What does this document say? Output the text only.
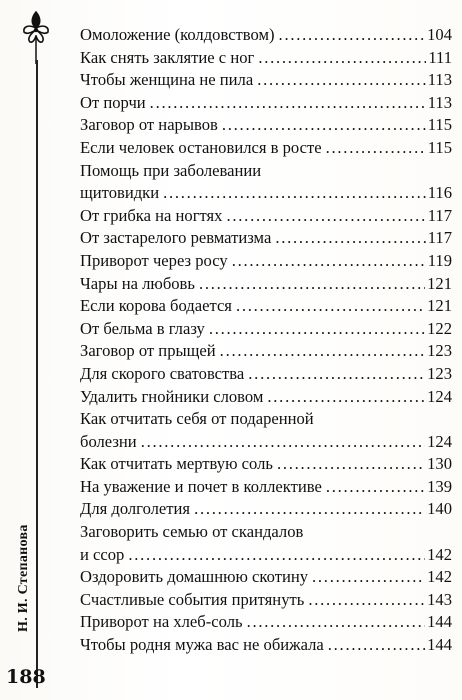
Н. И. Степанова
188
Омоложение (колдовством) . . .	104
Как снять заклятие с ног . . .	111
Чтобы женщина не пила . . .	113
От порчи . . .	113
Заговор от нарывов . . .	115
Если человек остановился в росте . . .	115
Помощь при заболевании
щитовидки . . .	116
От грибка на ногтях . . .	117
От застарелого ревматизма . . .	117
Приворот через росу . . .	119
Чары на любовь . . .	121
Если корова бодается . . .	121
От бельма в глазу . . .	122
Заговор от прыщей . . .	123
Для скорого сватовства . . .	123
Удалить гнойники словом . . .	124
Как отчитать себя от подаренной
болезни . . .	124
Как отчитать мертвую соль . . .	130
На уважение и почет в коллективе . . .	139
Для долголетия . . .	140
Заговорить семью от скандалов
и ссор . . .	142
Оздоровить домашнюю скотину . . .	142
Счастливые события притянуть . . .	143
Приворот на хлеб-соль . . .	144
Чтобы родня мужа вас не обижала . . .	144
